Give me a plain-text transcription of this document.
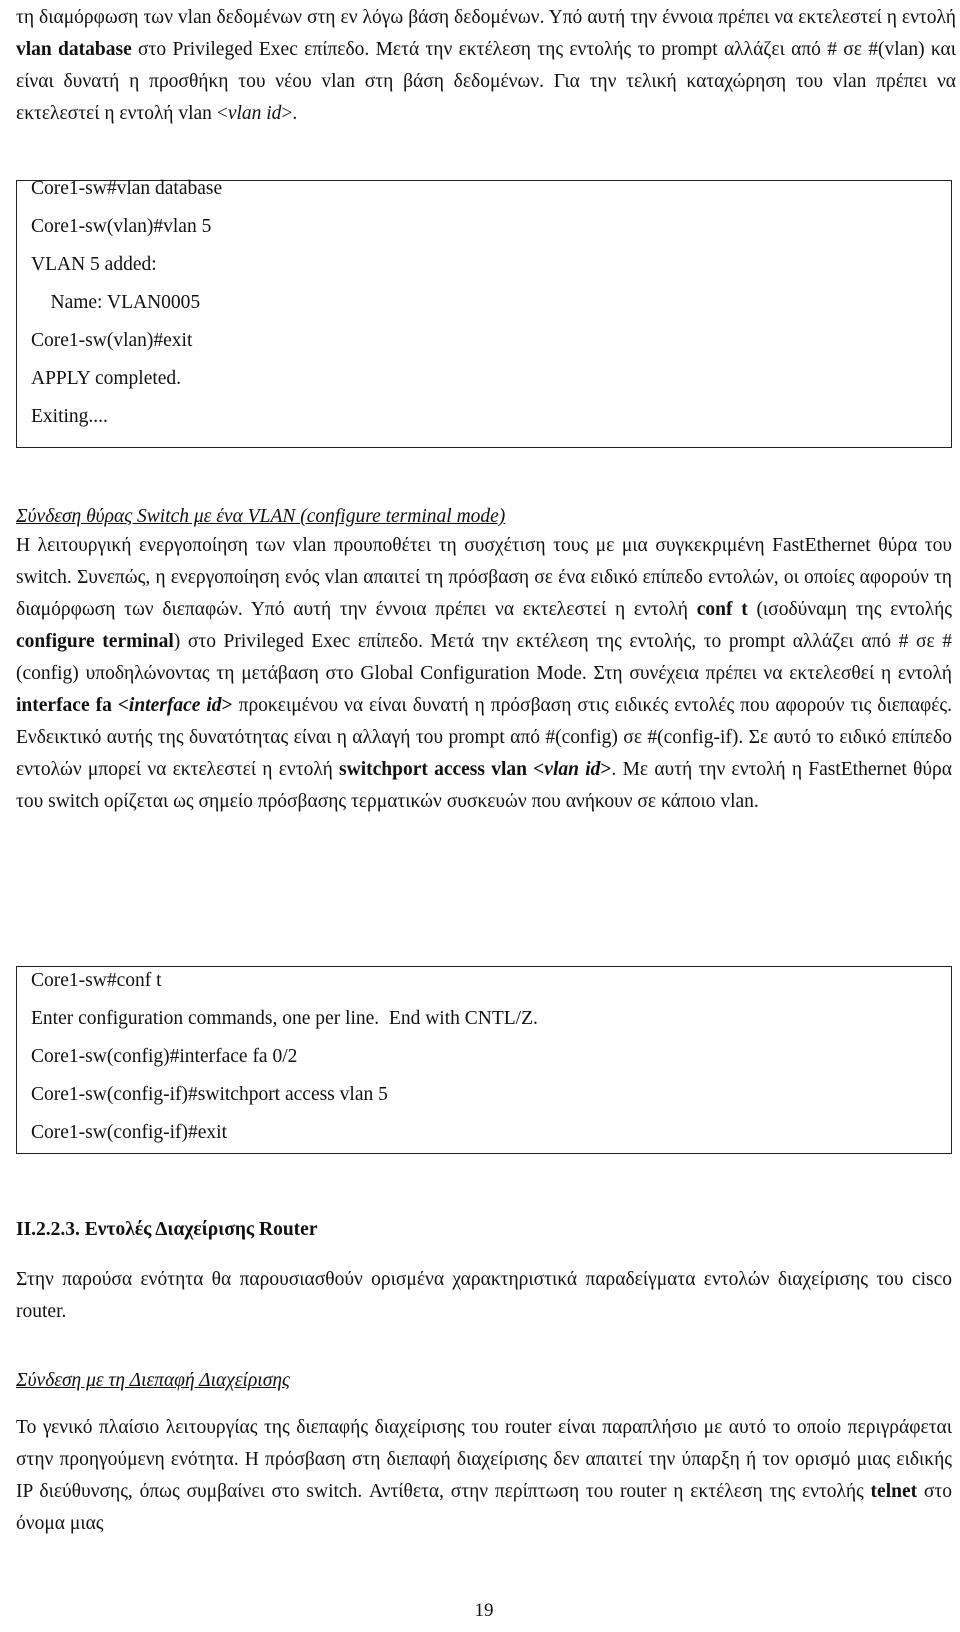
τη διαμόρφωση των vlan δεδομένων στη εν λόγω βάση δεδομένων. Υπό αυτή την έννοια πρέπει να εκτελεστεί η εντολή vlan database στο Privileged Exec επίπεδο. Μετά την εκτέλεση της εντολής το prompt αλλάζει από # σε #(vlan) και είναι δυνατή η προσθήκη του νέου vlan στη βάση δεδομένων. Για την τελική καταχώρηση του vlan πρέπει να εκτελεστεί η εντολή vlan <vlan id>.

Core1-sw#vlan database
Core1-sw(vlan)#vlan 5
VLAN 5 added:
Name: VLAN0005
Core1-sw(vlan)#exit
APPLY completed.
Exiting....
Σύνδεση θύρας Switch με ένα VLAN (configure terminal mode)

Η λειτουργική ενεργοποίηση των vlan προυποθέτει τη συσχέτιση τους με μια συγκεκριμένη FastEthernet θύρα του switch. Συνεπώς, η ενεργοποίηση ενός vlan απαιτεί τη πρόσβαση σε ένα ειδικό επίπεδο εντολών, οι οποίες αφορούν τη διαμόρφωση των διεπαφών. Υπό αυτή την έννοια πρέπει να εκτελεστεί η εντολή conf t (ισοδύναμη της εντολής configure terminal) στο Privileged Exec επίπεδο. Μετά την εκτέλεση της εντολής, το prompt αλλάζει από # σε #(config) υποδηλώνοντας τη μετάβαση στο Global Configuration Mode. Στη συνέχεια πρέπει να εκτελεσθεί η εντολή interface fa <interface id> προκειμένου να είναι δυνατή η πρόσβαση στις ειδικές εντολές που αφορούν τις διεπαφές. Ενδεικτικό αυτής της δυνατότητας είναι η αλλαγή του prompt από #(config) σε #(config-if). Σε αυτό το ειδικό επίπεδο εντολών μπορεί να εκτελεστεί η εντολή switchport access vlan <vlan id>. Με αυτή την εντολή η FastEthernet θύρα του switch ορίζεται ως σημείο πρόσβασης τερματικών συσκευών που ανήκουν σε κάποιο vlan.

Core1-sw#conf t
Enter configuration commands, one per line.  End with CNTL/Z.
Core1-sw(config)#interface fa 0/2
Core1-sw(config-if)#switchport access vlan 5
Core1-sw(config-if)#exit
ΙΙ.2.2.3. Εντολές Διαχείρισης Router

Στην παρούσα ενότητα θα παρουσιασθούν ορισμένα χαρακτηριστικά παραδείγματα εντολών διαχείρισης του cisco router.

Σύνδεση με τη Διεπαφή Διαχείρισης

Το γενικό πλαίσιο λειτουργίας της διεπαφής διαχείρισης του router είναι παραπλήσιο με αυτό το οποίο περιγράφεται στην προηγούμενη ενότητα. Η πρόσβαση στη διεπαφή διαχείρισης δεν απαιτεί την ύπαρξη ή τον ορισμό μιας ειδικής IP διεύθυνσης, όπως συμβαίνει στο switch. Αντίθετα, στην περίπτωση του router η εκτέλεση της εντολής telnet στο όνομα μιας

19
